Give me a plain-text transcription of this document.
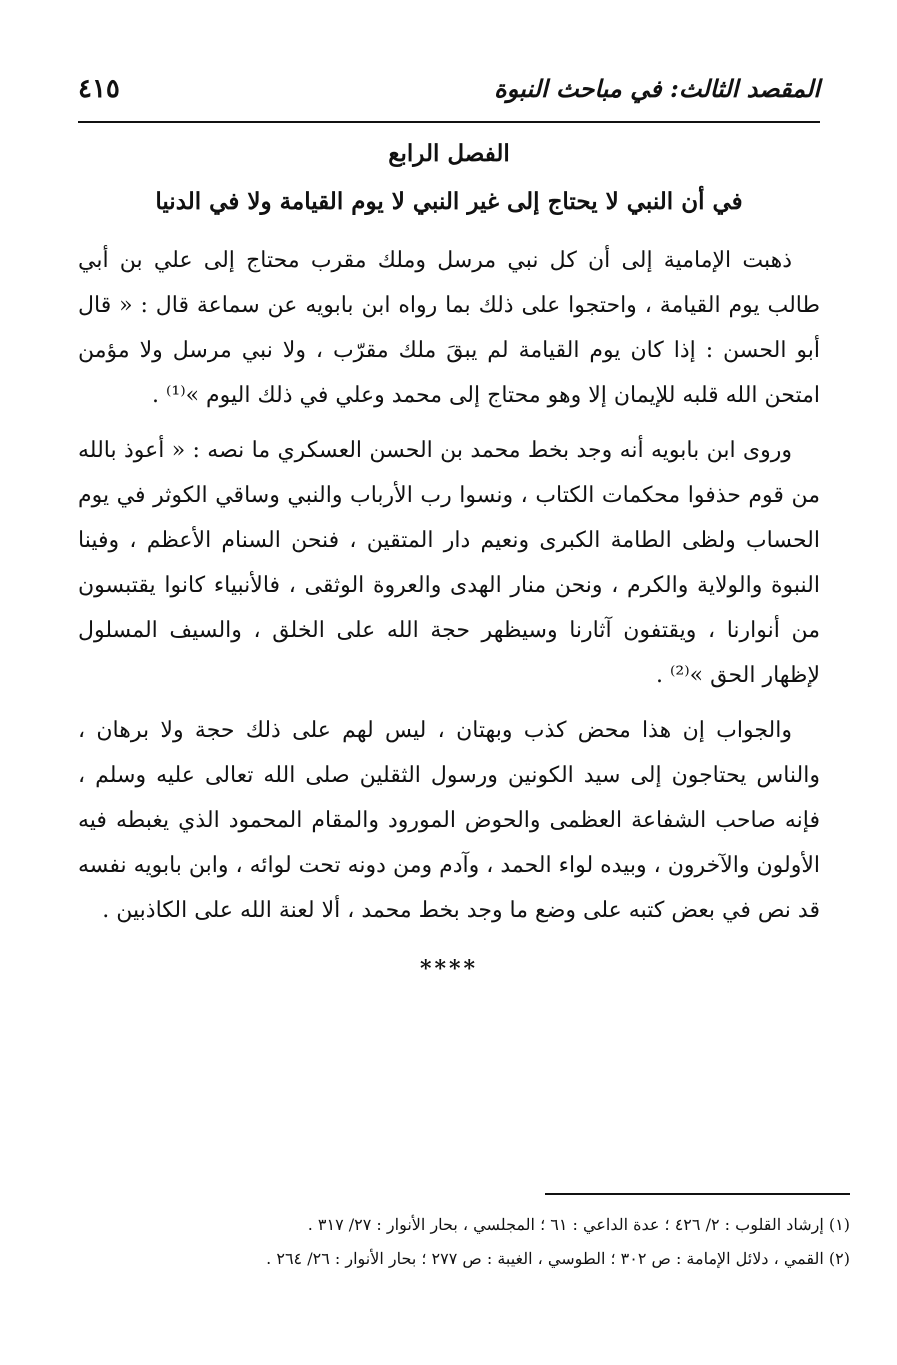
المقصد الثالث: في مباحث النبوة
٤١٥
الفصل الرابع
في أن النبي لا يحتاج إلى غير النبي لا يوم القيامة ولا في الدنيا

ذهبت الإمامية إلى أن كل نبي مرسل وملك مقرب محتاج إلى علي بن أبي طالب يوم القيامة ، واحتجوا على ذلك بما رواه ابن بابويه عن سماعة قال : « قال أبو الحسن : إذا كان يوم القيامة لم يبقَ ملك مقرّب ، ولا نبي مرسل ولا مؤمن امتحن الله قلبه للإيمان إلا وهو محتاج إلى محمد وعلي في ذلك اليوم »⁽¹⁾ .

وروى ابن بابويه أنه وجد بخط محمد بن الحسن العسكري ما نصه : « أعوذ بالله من قوم حذفوا محكمات الكتاب ، ونسوا رب الأرباب والنبي وساقي الكوثر في يوم الحساب ولظى الطامة الكبرى ونعيم دار المتقين ، فنحن السنام الأعظم ، وفينا النبوة والولاية والكرم ، ونحن منار الهدى والعروة الوثقى ، فالأنبياء كانوا يقتبسون من أنوارنا ، ويقتفون آثارنا وسيظهر حجة الله على الخلق ، والسيف المسلول لإظهار الحق »⁽²⁾ .

والجواب إن هذا محض كذب وبهتان ، ليس لهم على ذلك حجة ولا برهان ، والناس يحتاجون إلى سيد الكونين ورسول الثقلين صلى الله تعالى عليه وسلم ، فإنه صاحب الشفاعة العظمى والحوض المورود والمقام المحمود الذي يغبطه فيه الأولون والآخرون ، وبيده لواء الحمد ، وآدم ومن دونه تحت لوائه ، وابن بابويه نفسه قد نص في بعض كتبه على وضع ما وجد بخط محمد ، ألا لعنة الله على الكاذبين .

****
(١) إرشاد القلوب : ٢/ ٤٢٦ ؛ عدة الداعي : ٦١ ؛ المجلسي ، بحار الأنوار : ٢٧/ ٣١٧ .
(٢) القمي ، دلائل الإمامة : ص ٣٠٢ ؛ الطوسي ، الغيبة : ص ٢٧٧ ؛ بحار الأنوار : ٢٦/ ٢٦٤ .
